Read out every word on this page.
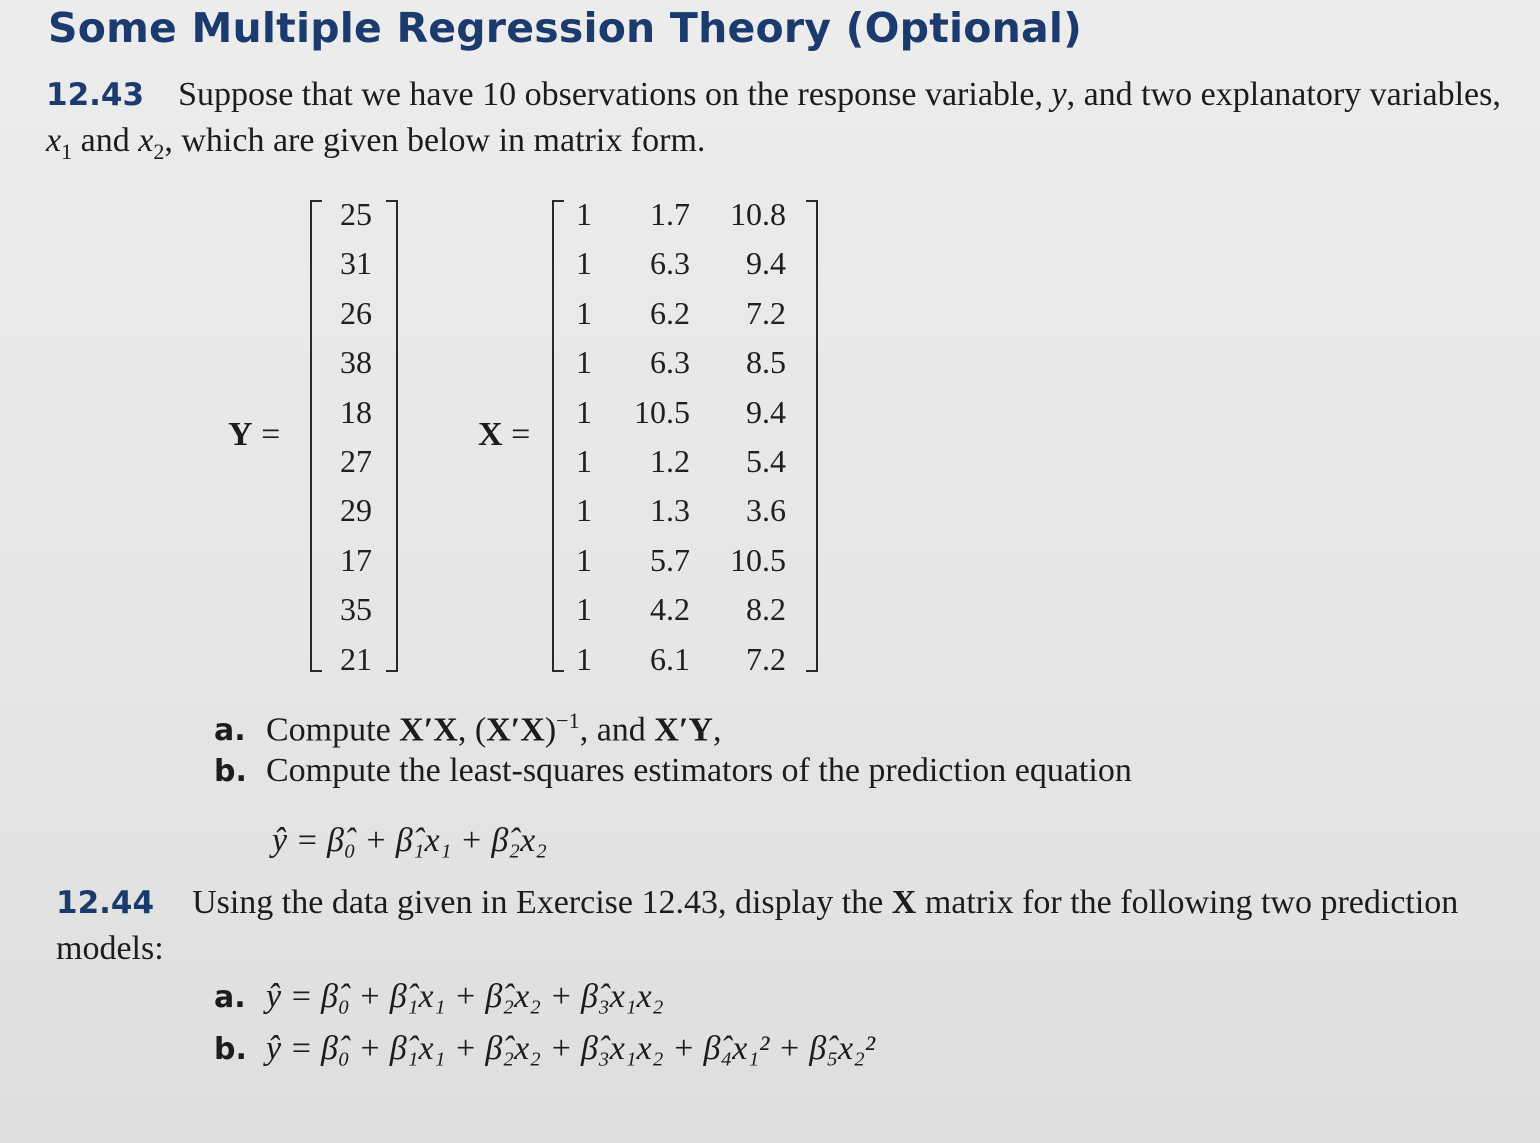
Some Multiple Regression Theory (Optional)
12.43 Suppose that we have 10 observations on the response variable, y, and two explanatory variables, $x_1$ and $x_2$, which are given below in matrix form.
Y =
25
31
26
38
18
27
29
17
35
21
X =
1	1.7	10.8
1	6.3	9.4
1	6.2	7.2
1	6.3	8.5
1	10.5	9.4
1	1.2	5.4
1	1.3	3.6
1	5.7	10.5
1	4.2	8.2
1	6.1	7.2
a. Compute X′X, $(X'X)^{-1}$, and X′Y,
b. Compute the least-squares estimators of the prediction equation
ŷ = β̂₀ + β̂₁x₁ + β̂₂x₂
12.44 Using the data given in Exercise 12.43, display the X matrix for the following two prediction models:
a. ŷ = β̂₀ + β̂₁x₁ + β̂₂x₂ + β̂₃x₁x₂
b. ŷ = β̂₀ + β̂₁x₁ + β̂₂x₂ + β̂₃x₁x₂ + β̂₄x₁² + β̂₅x₂²
